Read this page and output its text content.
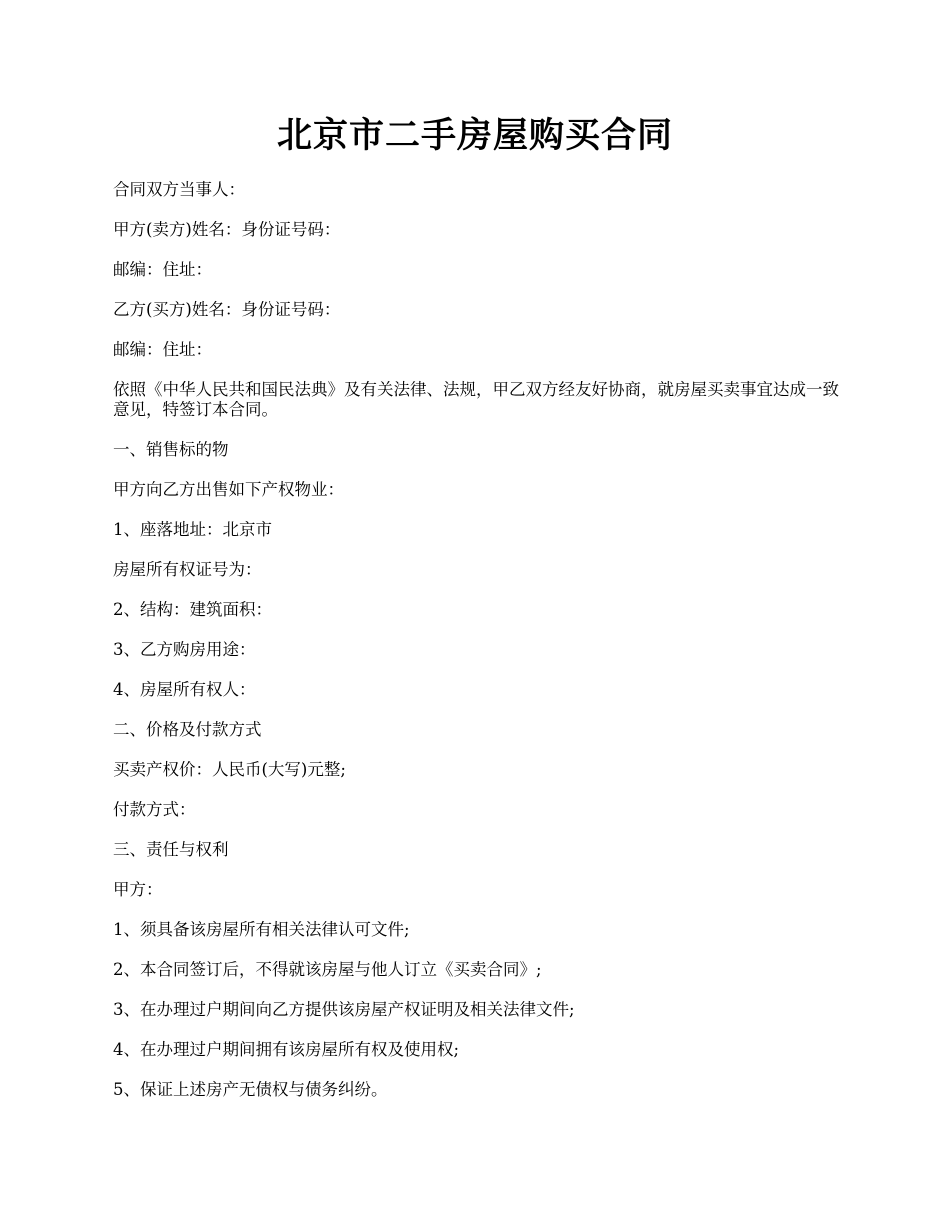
北京市二手房屋购买合同

合同双方当事人：

甲方(卖方)姓名：身份证号码：

邮编：住址：

乙方(买方)姓名：身份证号码：

邮编：住址：

依照《中华人民共和国民法典》及有关法律、法规，甲乙双方经友好协商，就房屋买卖事宜达成一致意见，特签订本合同。

一、销售标的物

甲方向乙方出售如下产权物业：

1、座落地址：北京市

房屋所有权证号为：

2、结构：建筑面积：

3、乙方购房用途：

4、房屋所有权人：

二、价格及付款方式

买卖产权价：人民币(大写)元整;

付款方式：

三、责任与权利

甲方：

1、须具备该房屋所有相关法律认可文件;

2、本合同签订后，不得就该房屋与他人订立《买卖合同》;

3、在办理过户期间向乙方提供该房屋产权证明及相关法律文件;

4、在办理过户期间拥有该房屋所有权及使用权;

5、保证上述房产无债权与债务纠纷。
